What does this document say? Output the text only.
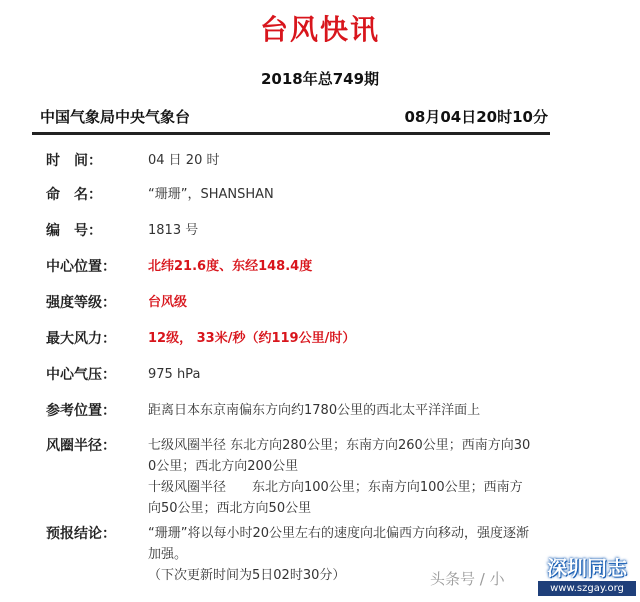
台风快讯
2018年总749期
中国气象局中央气象台	08月04日20时10分
时　间：	04 日 20 时
命　名：	“珊珊”，SHANSHAN
编　号：	1813 号
中心位置： 北纬21.6度、东经148.4度
强度等级： 台风级
最大风力： 12级， 33米/秒（约119公里/时）
中心气压： 975 hPa
参考位置： 距离日本东京南偏东方向约1780公里的西北太平洋洋面上
风圈半径： 七级风圈半径 东北方向280公里；东南方向260公里；西南方向30

0公里；西北方向200公里

十级风圈半径　　东北方向100公里；东南方向100公里；西南方

向50公里；西北方向50公里

预报结论： “珊珊”将以每小时20公里左右的速度向北偏西方向移动，强度逐渐

加强。

（下次更新时间为5日02时30分）	头条号 / 小	深圳同志
www.szgay.org
